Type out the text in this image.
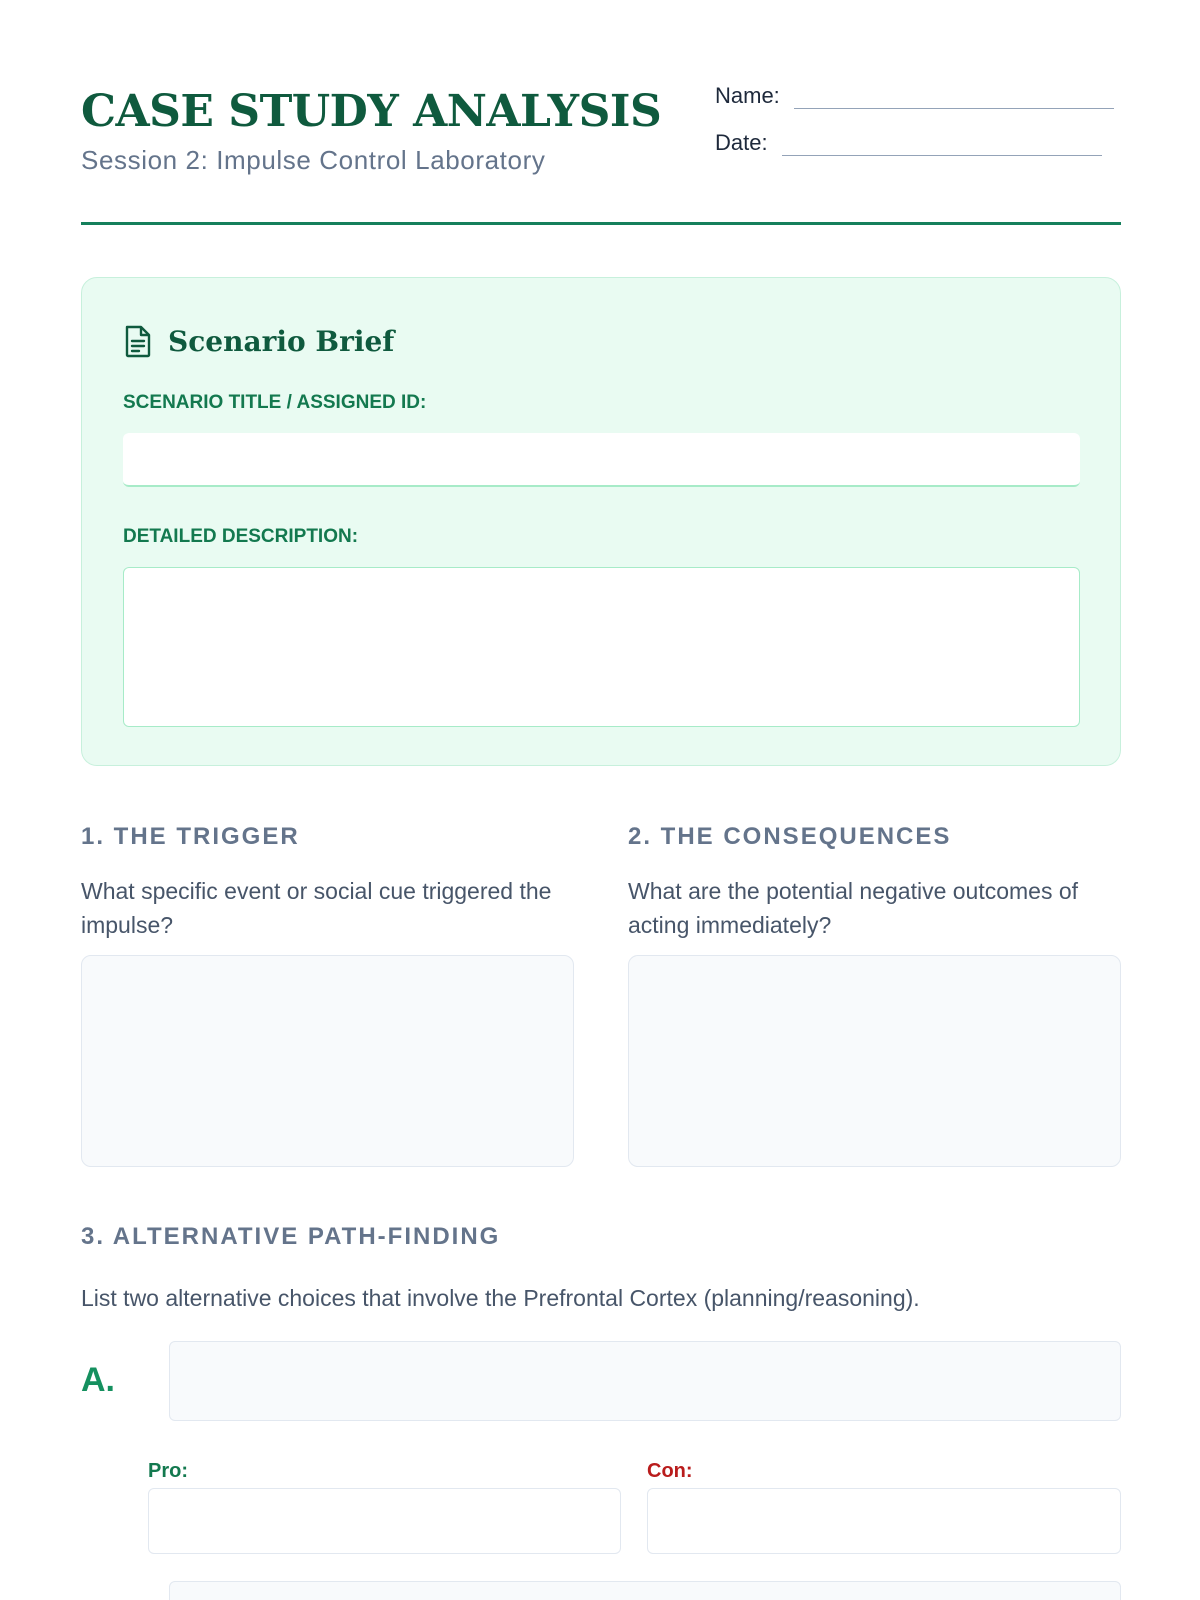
CASE STUDY ANALYSIS
Session 2: Impulse Control Laboratory
Name:
Date:
Scenario Brief
SCENARIO TITLE / ASSIGNED ID:
DETAILED DESCRIPTION:
1. THE TRIGGER
What specific event or social cue triggered the impulse?
2. THE CONSEQUENCES
What are the potential negative outcomes of acting immediately?
3. ALTERNATIVE PATH-FINDING
List two alternative choices that involve the Prefrontal Cortex (planning/reasoning).
A.
Pro:	Con:
